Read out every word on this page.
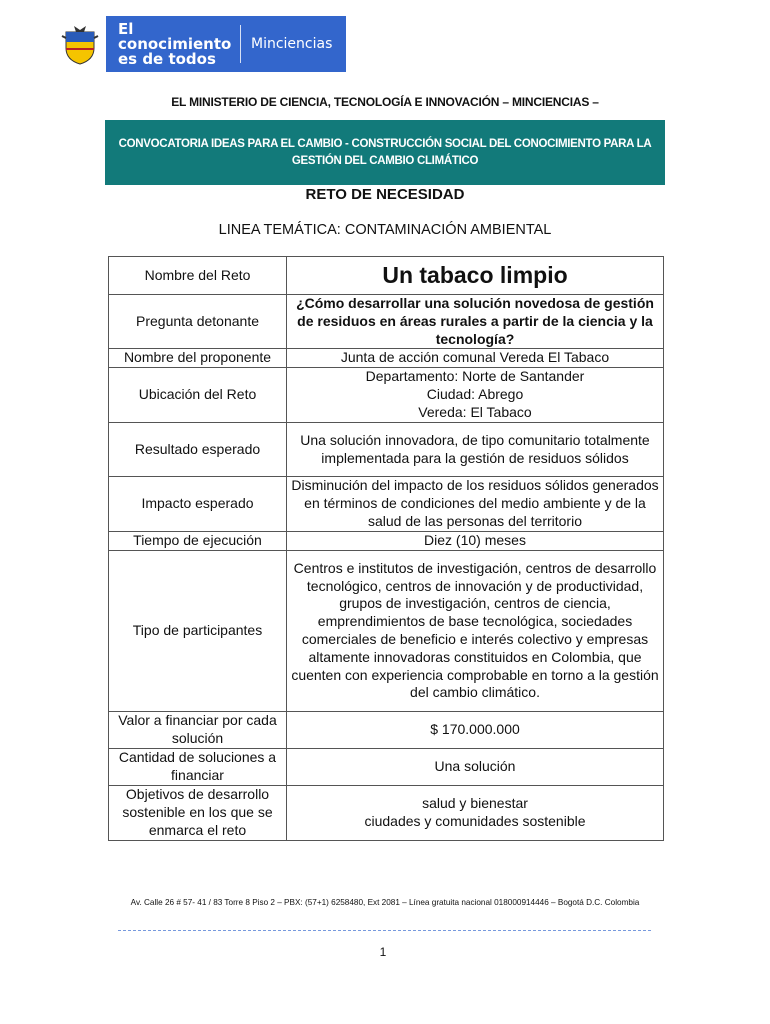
El conocimiento es de todos
Minciencias
EL MINISTERIO DE CIENCIA, TECNOLOGÍA E INNOVACIÓN – MINCIENCIAS –
CONVOCATORIA IDEAS PARA EL CAMBIO - CONSTRUCCIÓN SOCIAL DEL CONOCIMIENTO PARA LA GESTIÓN DEL CAMBIO CLIMÁTICO
RETO DE NECESIDAD
LINEA TEMÁTICA: CONTAMINACIÓN AMBIENTAL
Nombre del Reto	Un tabaco limpio
Pregunta detonante	¿Cómo desarrollar una solución novedosa de gestión de residuos en áreas rurales a partir de la ciencia y la tecnología?
Nombre del proponente	Junta de acción comunal Vereda El Tabaco
Ubicación del Reto	Departamento: Norte de Santander
Ciudad: Abrego
Vereda: El Tabaco

Resultado esperado	Una solución innovadora, de tipo comunitario totalmente implementada para la gestión de residuos sólidos
Impacto esperado	Disminución del impacto de los residuos sólidos generados en términos de condiciones del medio ambiente y de la salud de las personas del territorio
Tiempo de ejecución	Diez (10) meses
Tipo de participantes	Centros e institutos de investigación, centros de desarrollo tecnológico, centros de innovación y de productividad, grupos de investigación, centros de ciencia, emprendimientos de base tecnológica, sociedades comerciales de beneficio e interés colectivo y empresas altamente innovadoras constituidos en Colombia, que cuenten con experiencia comprobable en torno a la gestión del cambio climático.
Valor a financiar por cada solución	$ 170.000.000
Cantidad de soluciones a financiar	Una solución
Objetivos de desarrollo sostenible en los que se enmarca el reto	salud y bienestar
ciudades y comunidades sostenible
Av. Calle 26 # 57- 41 / 83 Torre 8 Piso 2 – PBX: (57+1) 6258480, Ext 2081 – Línea gratuita nacional 018000914446 – Bogotá D.C. Colombia
1
